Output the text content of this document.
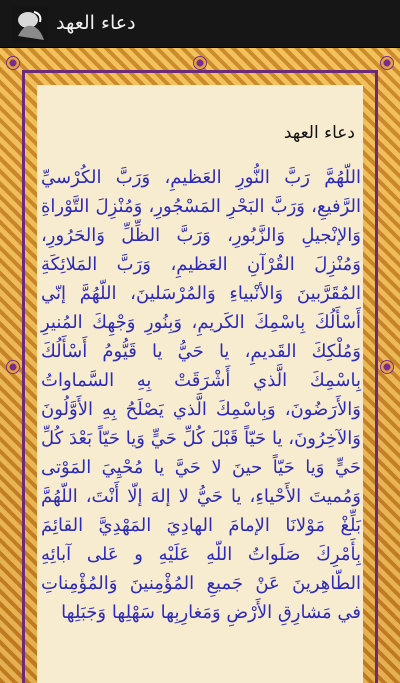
دعاء العهد
دعاء العهد
اللّهُمَّ رَبَّ النُّورِ العَظيمِ، وَرَبَّ الكُرْسيِّ الرَّفيعِ، وَرَبَّ البَحْرِ المَسْجُورِ، وَمُنْزِلَ التَّوْراةِ وَالإنْجيلِ وَالزَّبُورِ، وَرَبَّ الظِّلِّ وَالحَرُورِ، وَمُنْزِلَ القُرْآنِ العَظيمِ، وَرَبَّ المَلائِكَةِ المُقَرَّبينَ وَالأنْبياءِ وَالمُرْسَلينَ، اللّهُمَّ إنّي أَسْأَلُكَ بِاسْمِكَ الكَريمِ، وَبِنُورِ وَجْهِكَ المُنيرِ وَمُلْكِكَ القَديمِ، يا حَيُّ يا قَيُّومُ أَسْأَلُكَ بِاسْمِكَ الَّذي أَشْرَقَتْ بِهِ السَّماواتُ وَالأَرَضُونَ، وَبِاسْمِكَ الَّذي يَصْلَحُ بِهِ الأَوَّلُونَ وَالآخِرُونَ، يا حَيّاً قَبْلَ كُلِّ حَيٍّ وَيا حَيّاً بَعْدَ كُلِّ حَيٍّ وَيا حَيّاً حينَ لا حَيَّ يا مُحْيِيَ المَوْتى وَمُميتَ الأَحْياءِ، يا حَيُّ لا إلهَ إلّا أَنْتَ، اللّهُمَّ بَلِّغْ مَوْلانَا الإمامَ الهادِيَ المَهْدِيَّ القائِمَ بِأَمْرِكَ صَلَواتُ اللّهِ عَلَيْهِ و عَلى آبائِهِ الطّاهِرينَ عَنْ جَميعِ المُؤْمِنينَ وَالمُؤْمِناتِ في مَشارِقِ الأَرْضِ وَمَغارِبِها سَهْلِها وَجَبَلِها
